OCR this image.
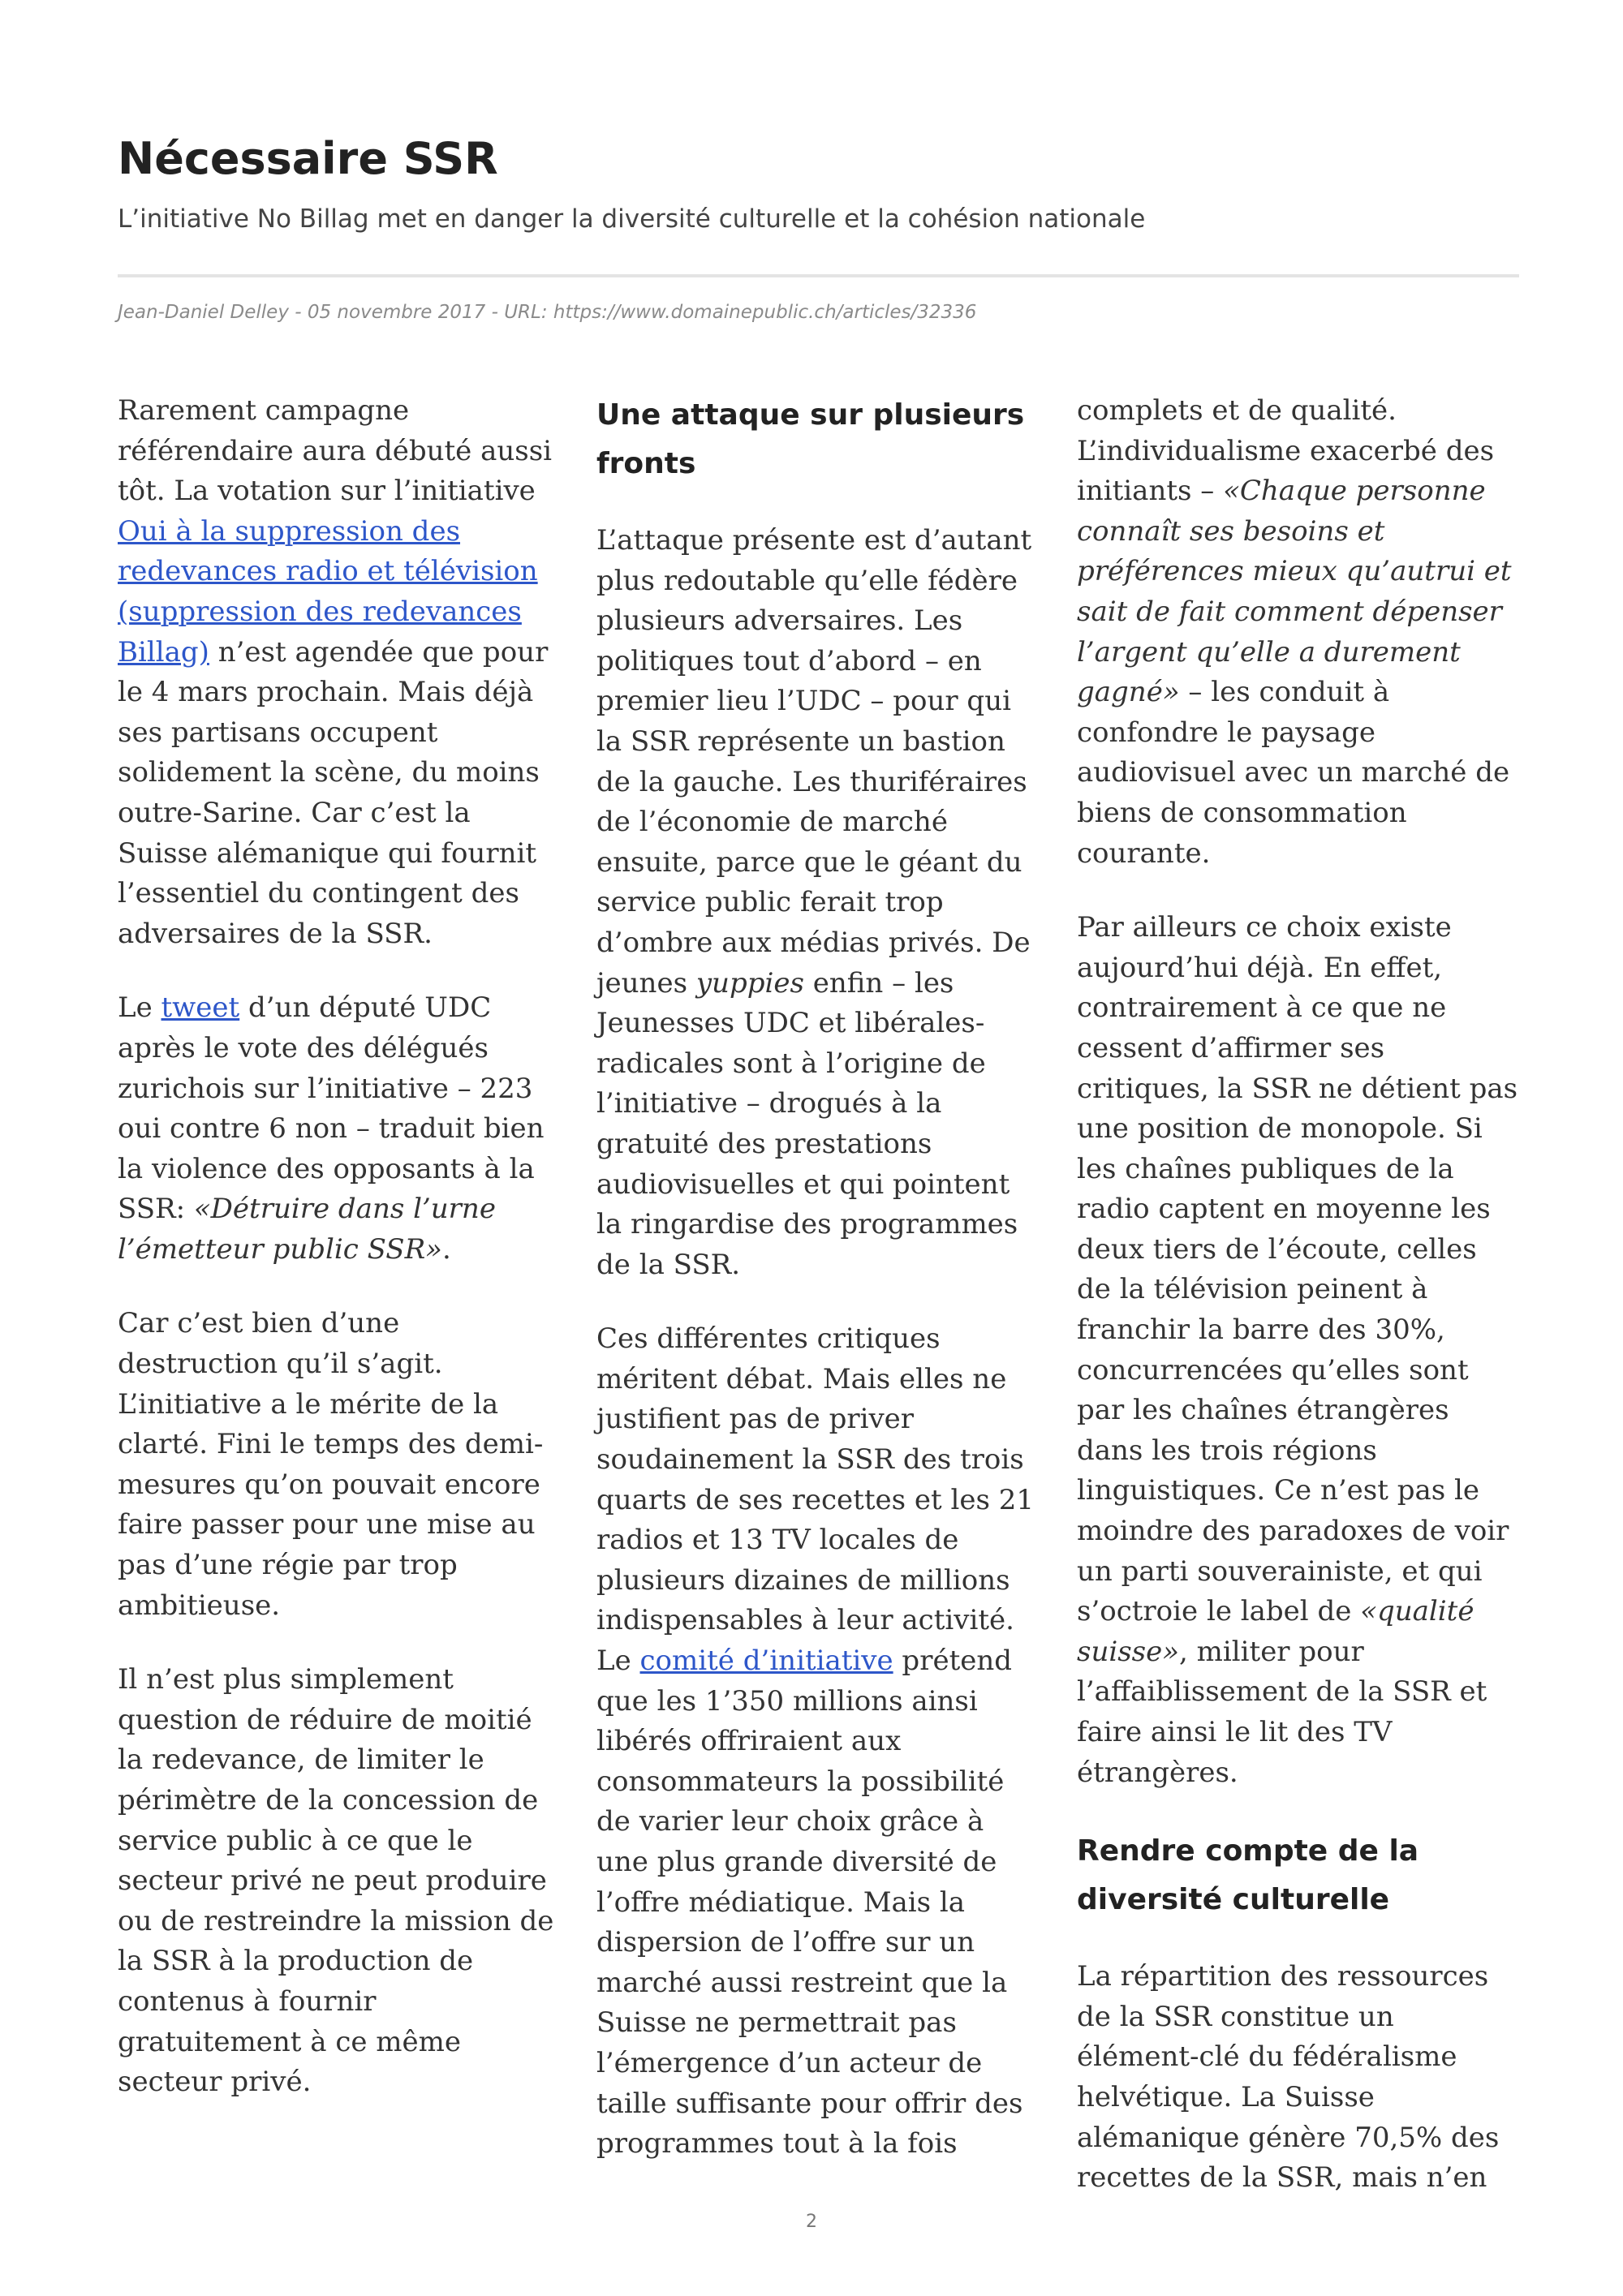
Nécessaire SSR

L’initiative No Billag met en danger la diversité culturelle et la cohésion nationale

Jean-Daniel Delley - 05 novembre 2017 - URL: https://www.domainepublic.ch/articles/32336

Rarement campagne référendaire aura débuté aussi tôt. La votation sur l’initiative Oui à la suppression des redevances radio et télévision (suppression des redevances Billag) n’est agendée que pour le 4 mars prochain. Mais déjà ses partisans occupent solidement la scène, du moins outre-Sarine. Car c’est la Suisse alémanique qui fournit l’essentiel du contingent des adversaires de la SSR.

Le tweet d’un député UDC après le vote des délégués zurichois sur l’initiative – 223 oui contre 6 non – traduit bien la violence des opposants à la SSR: «Détruire dans l’urne l’émetteur public SSR».

Car c’est bien d’une destruction qu’il s’agit. L’initiative a le mérite de la clarté. Fini le temps des demi-mesures qu’on pouvait encore faire passer pour une mise au pas d’une régie par trop ambitieuse.

Il n’est plus simplement question de réduire de moitié la redevance, de limiter le périmètre de la concession de service public à ce que le secteur privé ne peut produire ou de restreindre la mission de la SSR à la production de contenus à fournir gratuitement à ce même secteur privé.

Une attaque sur plusieurs fronts

L’attaque présente est d’autant plus redoutable qu’elle fédère plusieurs adversaires. Les politiques tout d’abord – en premier lieu l’UDC – pour qui la SSR représente un bastion de la gauche. Les thuriféraires de l’économie de marché ensuite, parce que le géant du service public ferait trop d’ombre aux médias privés. De jeunes yuppies enfin – les Jeunesses UDC et libérales-radicales sont à l’origine de l’initiative – drogués à la gratuité des prestations audiovisuelles et qui pointent la ringardise des programmes de la SSR.

Ces différentes critiques méritent débat. Mais elles ne justifient pas de priver soudainement la SSR des trois quarts de ses recettes et les 21 radios et 13 TV locales de plusieurs dizaines de millions indispensables à leur activité. Le comité d’initiative prétend que les 1’350 millions ainsi libérés offriraient aux consommateurs la possibilité de varier leur choix grâce à une plus grande diversité de l’offre médiatique. Mais la dispersion de l’offre sur un marché aussi restreint que la Suisse ne permettrait pas l’émergence d’un acteur de taille suffisante pour offrir des programmes tout à la fois

complets et de qualité. L’individualisme exacerbé des initiants – «Chaque personne connaît ses besoins et préférences mieux qu’autrui et sait de fait comment dépenser l’argent qu’elle a durement gagné» – les conduit à confondre le paysage audiovisuel avec un marché de biens de consommation courante.

Par ailleurs ce choix existe aujourd’hui déjà. En effet, contrairement à ce que ne cessent d’affirmer ses critiques, la SSR ne détient pas une position de monopole. Si les chaînes publiques de la radio captent en moyenne les deux tiers de l’écoute, celles de la télévision peinent à franchir la barre des 30%, concurrencées qu’elles sont par les chaînes étrangères dans les trois régions linguistiques. Ce n’est pas le moindre des paradoxes de voir un parti souverainiste, et qui s’octroie le label de «qualité suisse», militer pour l’affaiblissement de la SSR et faire ainsi le lit des TV étrangères.

Rendre compte de la diversité culturelle

La répartition des ressources de la SSR constitue un élément-clé du fédéralisme helvétique. La Suisse alémanique génère 70,5% des recettes de la SSR, mais n’en

2
